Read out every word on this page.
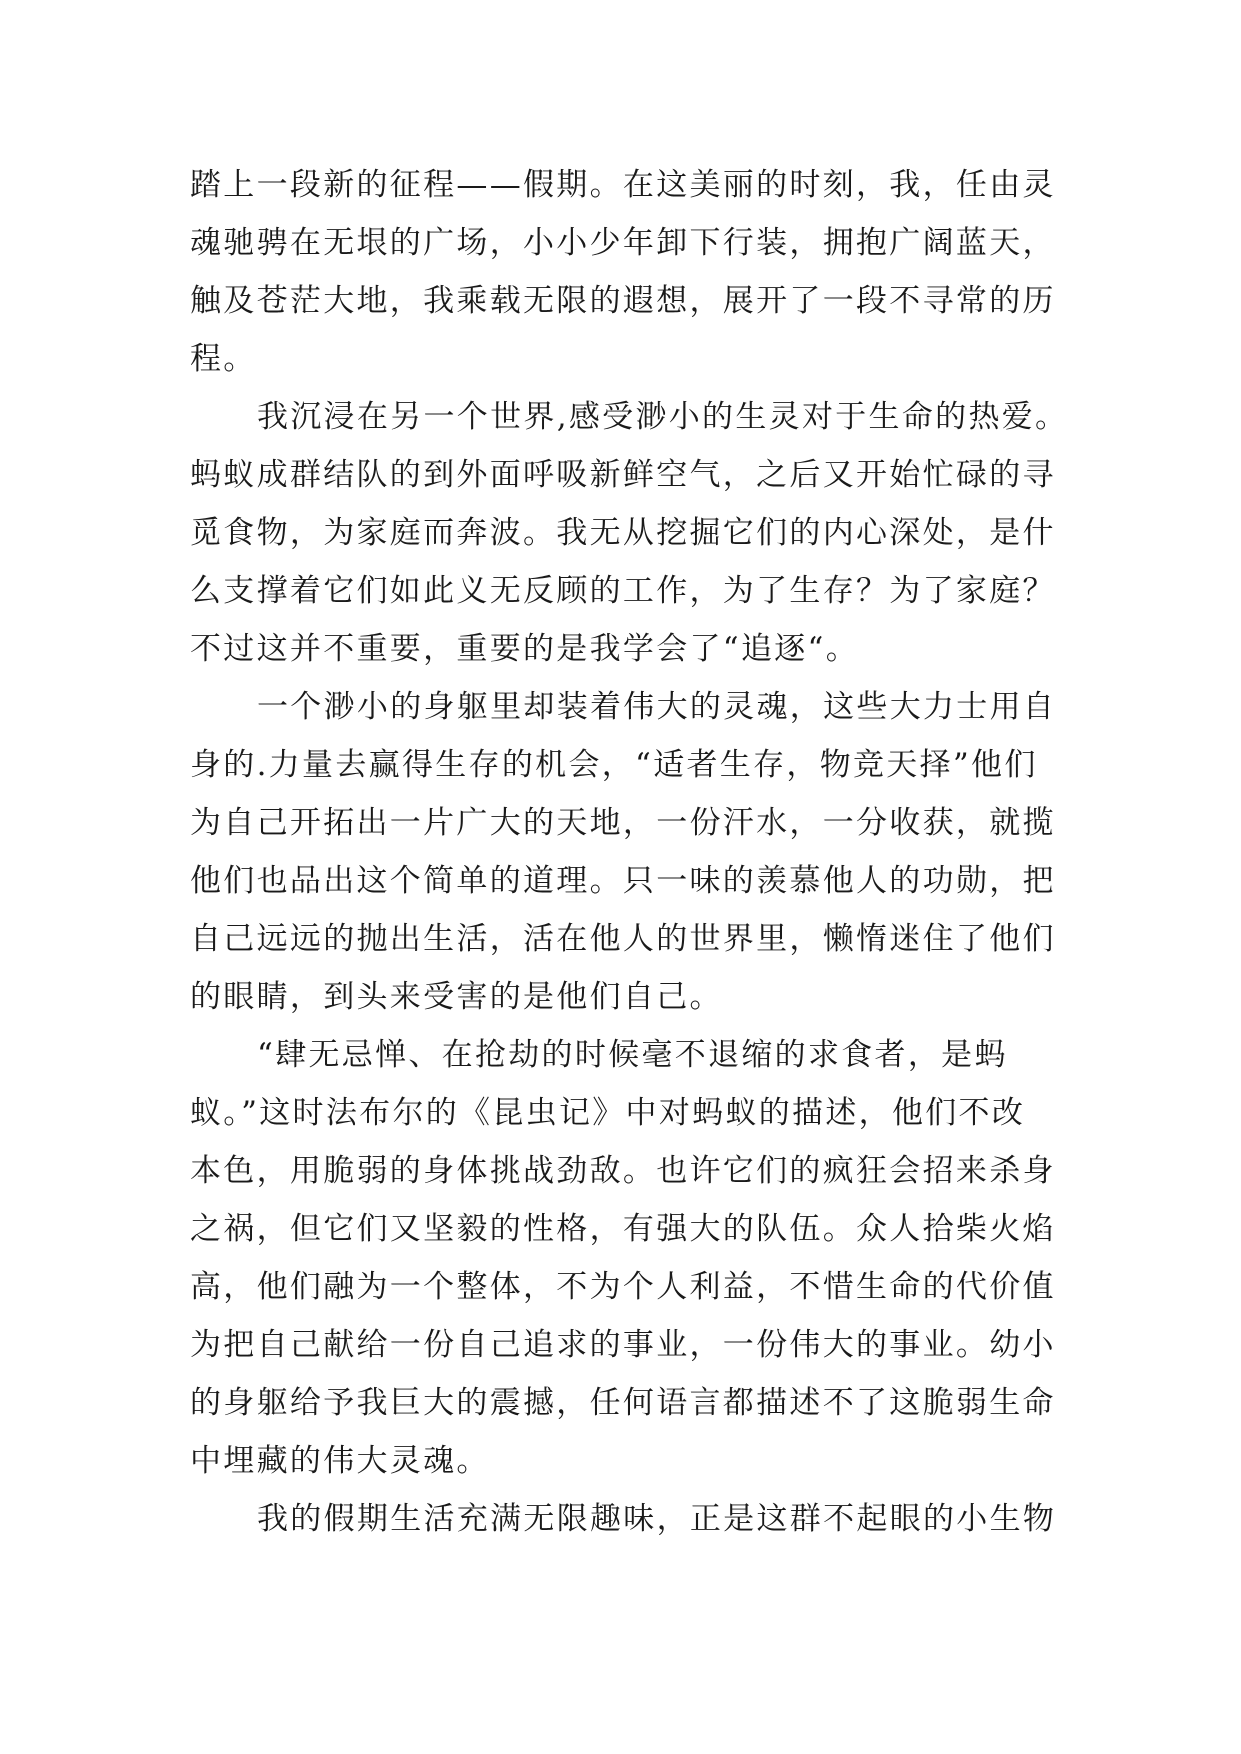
踏上一段新的征程——假期。在这美丽的时刻，我，任由灵
魂驰骋在无垠的广场，小小少年卸下行装，拥抱广阔蓝天，
触及苍茫大地，我乘载无限的遐想，展开了一段不寻常的历
程。
我沉浸在另一个世界,感受渺小的生灵对于生命的热爱。
蚂蚁成群结队的到外面呼吸新鲜空气，之后又开始忙碌的寻
觅食物，为家庭而奔波。我无从挖掘它们的内心深处，是什
么支撑着它们如此义无反顾的工作，为了生存？为了家庭？
不过这并不重要，重要的是我学会了“追逐“。
一个渺小的身躯里却装着伟大的灵魂，这些大力士用自
身的.力量去赢得生存的机会，“适者生存，物竞天择”他们
为自己开拓出一片广大的天地，一份汗水，一分收获，就揽
他们也品出这个简单的道理。只一味的羡慕他人的功勋，把
自己远远的抛出生活，活在他人的世界里，懒惰迷住了他们
的眼睛，到头来受害的是他们自己。
“肆无忌惮、在抢劫的时候毫不退缩的求食者，是蚂
蚁。”这时法布尔的《昆虫记》中对蚂蚁的描述，他们不改
本色，用脆弱的身体挑战劲敌。也许它们的疯狂会招来杀身
之祸，但它们又坚毅的性格，有强大的队伍。众人拾柴火焰
高，他们融为一个整体，不为个人利益，不惜生命的代价值
为把自己献给一份自己追求的事业，一份伟大的事业。幼小
的身躯给予我巨大的震撼，任何语言都描述不了这脆弱生命
中埋藏的伟大灵魂。
我的假期生活充满无限趣味，正是这群不起眼的小生物
